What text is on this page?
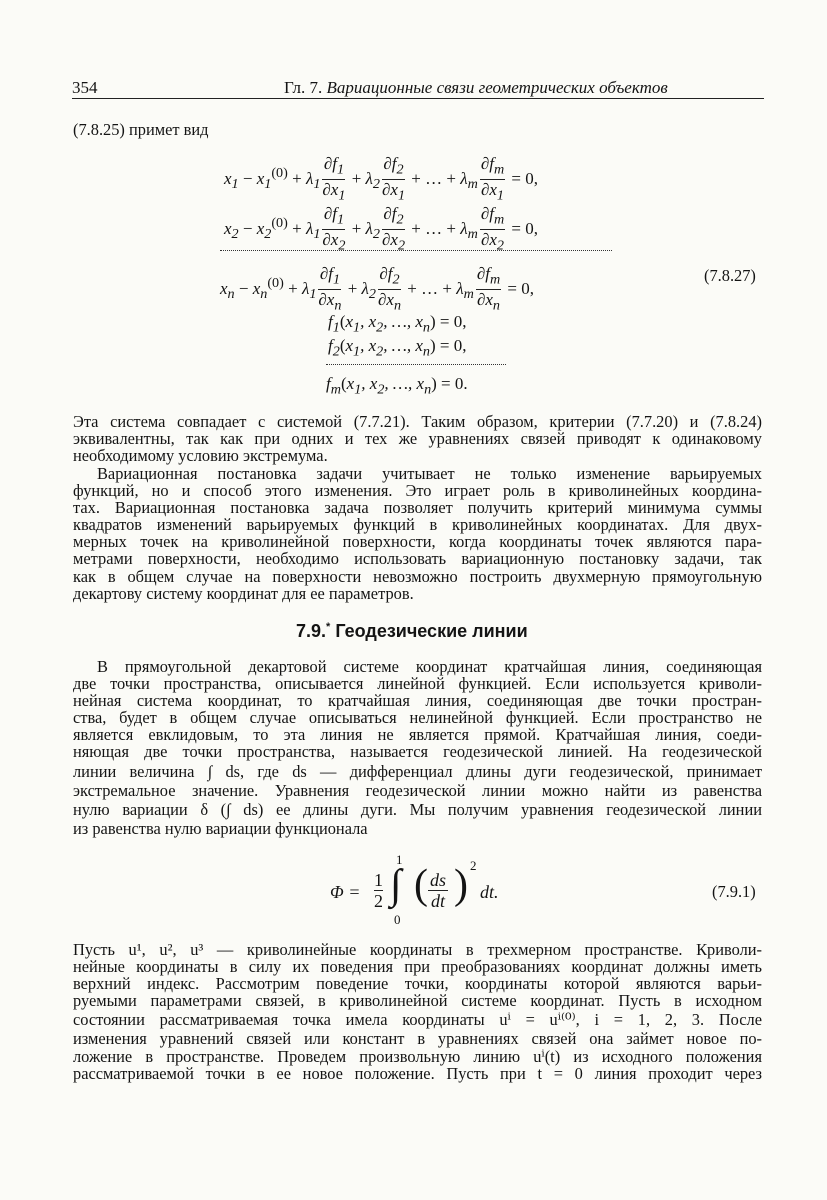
354	Гл. 7. Вариационные связи геометрических объектов
(7.8.25) примет вид
$x_1 - x_1^{(0)} + \lambda_1 \frac{\partial f_1}{\partial x_1} + \lambda_2 \frac{\partial f_2}{\partial x_1}$ + … + $\lambda_m \frac{\partial f_m}{\partial x_1} = 0$,
$x_2 - x_2^{(0)} + \lambda_1 \frac{\partial f_1}{\partial x_2} + \lambda_2 \frac{\partial f_2}{\partial x_2}$ + … + $\lambda_m \frac{\partial f_m}{\partial x_2} = 0$,
$x_n - x_n^{(0)} + \lambda_1 \frac{\partial f_1}{\partial x_n} + \lambda_2 \frac{\partial f_2}{\partial x_n}$ + … + $\lambda_m \frac{\partial f_m}{\partial x_n} = 0$,
$f_1(x_1$, $x_2$, …, $x_n) = 0$,
$f_2(x_1$, $x_2$, …, $x_n) = 0$,
$f_m(x_1$, $x_2$, …, $x_n) = 0$.
(7.8.27)
Эта система совпадает с системой (7.7.21). Таким образом, критерии (7.7.20) и (7.8.24)
эквивалентны, так как при одних и тех же уравнениях связей приводят к одинаковому
необходимому условию экстремума.
Вариационная постановка задачи учитывает не только изменение варьируемых
функций, но и способ этого изменения. Это играет роль в криволинейных координа-
тах. Вариационная постановка задача позволяет получить критерий минимума суммы
квадратов изменений варьируемых функций в криволинейных координатах. Для двух-
мерных точек на криволинейной поверхности, когда координаты точек являются пара-
метрами поверхности, необходимо использовать вариационную постановку задачи, так
как в общем случае на поверхности невозможно построить двухмерную прямоугольную
декартову систему координат для ее параметров.
7.9.* Геодезические линии
В прямоугольной декартовой системе координат кратчайшая линия, соединяющая
две точки пространства, описывается линейной функцией. Если используется криволи-
нейная система координат, то кратчайшая линия, соединяющая две точки простран-
ства, будет в общем случае описываться нелинейной функцией. Если пространство не
является евклидовым, то эта линия не является прямой. Кратчайшая линия, соеди-
няющая две точки пространства, называется геодезической линией. На геодезической
линии величина ∫ ds, где ds — дифференциал длины дуги геодезической, принимает
экстремальное значение. Уравнения геодезической линии можно найти из равенства
нулю вариации δ (∫ ds) ее длины дуги. Мы получим уравнения геодезической линии
из равенства нулю вариации функционала
$\Phi = \frac{1}{2}$
1
∫
0
( $\frac{ds}{dt}$ ) 2
dt.	(7.9.1)
Пусть u¹, u², u³ — криволинейные координаты в трехмерном пространстве. Криволи-
нейные координаты в силу их поведения при преобразованиях координат должны иметь
верхний индекс. Рассмотрим поведение точки, координаты которой являются варьи-
руемыми параметрами связей, в криволинейной системе координат. Пусть в исходном
состоянии рассматриваемая точка имела координаты uⁱ = uⁱ⁽⁰⁾, i = 1, 2, 3. После
изменения уравнений связей или констант в уравнениях связей она займет новое по-
ложение в пространстве. Проведем произвольную линию uⁱ(t) из исходного положения
рассматриваемой точки в ее новое положение. Пусть при t = 0 линия проходит через
